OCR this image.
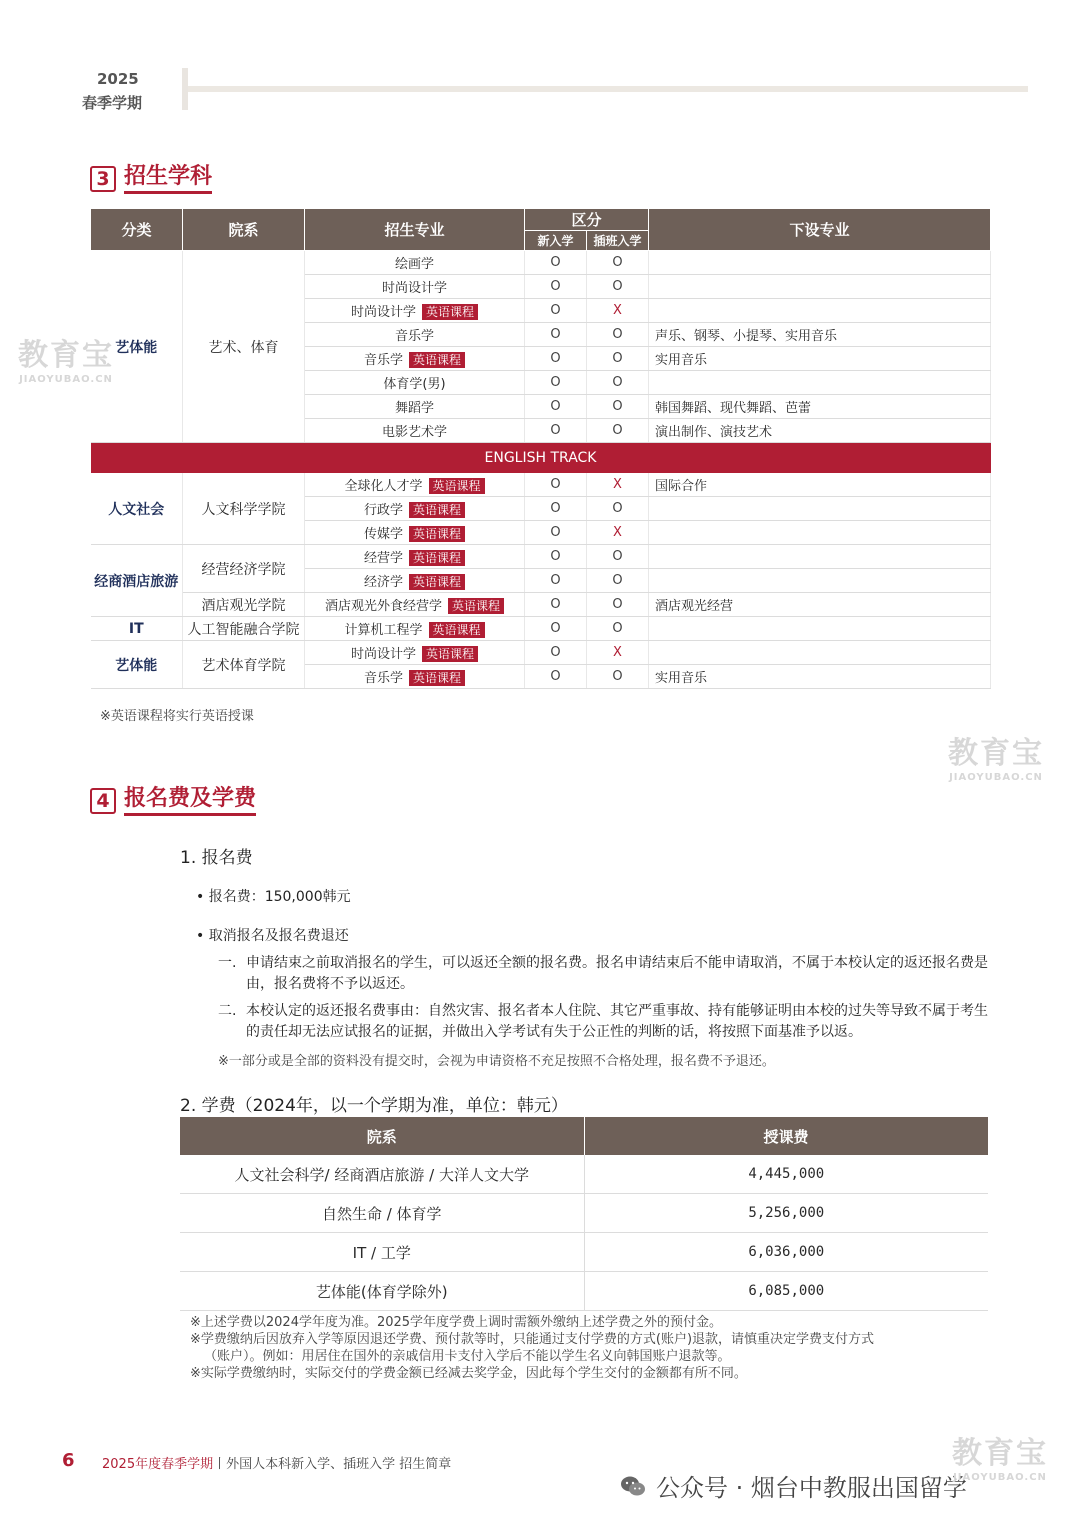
2025
春季学期
3 招生学科
分类	院系	招生专业	区分		下设专业
			新入学	插班入学	
艺体能	艺术、体育	绘画学	O	O	
		时尚设计学	O	O	
		时尚设计学 英语课程	O	X	
		音乐学	O	O	声乐、钢琴、小提琴、实用音乐
		音乐学 英语课程	O	O	实用音乐
		体育学(男)	O	O	
		舞蹈学	O	O	韩国舞蹈、现代舞蹈、芭蕾
		电影艺术学	O	O	演出制作、演技艺术
ENGLISH TRACK					
人文社会	人文科学学院	全球化人才学 英语课程	O	X	国际合作
		行政学 英语课程	O	O	
		传媒学 英语课程	O	X	
经商酒店旅游	经营经济学院	经营学 英语课程	O	O	
		经济学 英语课程	O	O	
	酒店观光学院	酒店观光外食经营学 英语课程	O	O	酒店观光经营
IT	人工智能融合学院	计算机工程学 英语课程	O	O	
艺体能	艺术体育学院	时尚设计学 英语课程	O	X	
		音乐学 英语课程	O	O	实用音乐
※英语课程将实行英语授课
4 报名费及学费
1. 报名费
• 报名费：150,000韩元
• 取消报名及报名费退还
一. 申请结束之前取消报名的学生，可以返还全额的报名费。报名申请结束后不能申请取消，不属于本校认定的返还报名费是由，报名费将不予以返还。
二. 本校认定的返还报名费事由：自然灾害、报名者本人住院、其它严重事故、持有能够证明由本校的过失等导致不属于考生的责任却无法应试报名的证据，并做出入学考试有失于公正性的判断的话，将按照下面基准予以返。
※一部分或是全部的资料没有提交时，会视为申请资格不充足按照不合格处理，报名费不予退还。
2. 学费（2024年，以一个学期为准，单位：韩元）
院系	授课费
人文社会科学/ 经商酒店旅游 / 大洋人文大学	4,445,000
自然生命 / 体育学	5,256,000
IT / 工学	6,036,000
艺体能(体育学除外)	6,085,000
※上述学费以2024学年度为准。2025学年度学费上调时需额外缴纳上述学费之外的预付金。
※学费缴纳后因放弃入学等原因退还学费、预付款等时，只能通过支付学费的方式(账户)退款，请慎重决定学费支付方式
（账户）。例如：用居住在国外的亲戚信用卡支付入学后不能以学生名义向韩国账户退款等。
※实际学费缴纳时，实际交付的学费金额已经减去奖学金，因此每个学生交付的金额都有所不同。
6 2025年度春季学期丨外国人本科新入学、插班入学 招生简章
公众号 · 烟台中教服出国留学
教育宝
JIAOYUBAO.CN
教育宝
JIAOYUBAO.CN
教育宝
JIAOYUBAO.CN
